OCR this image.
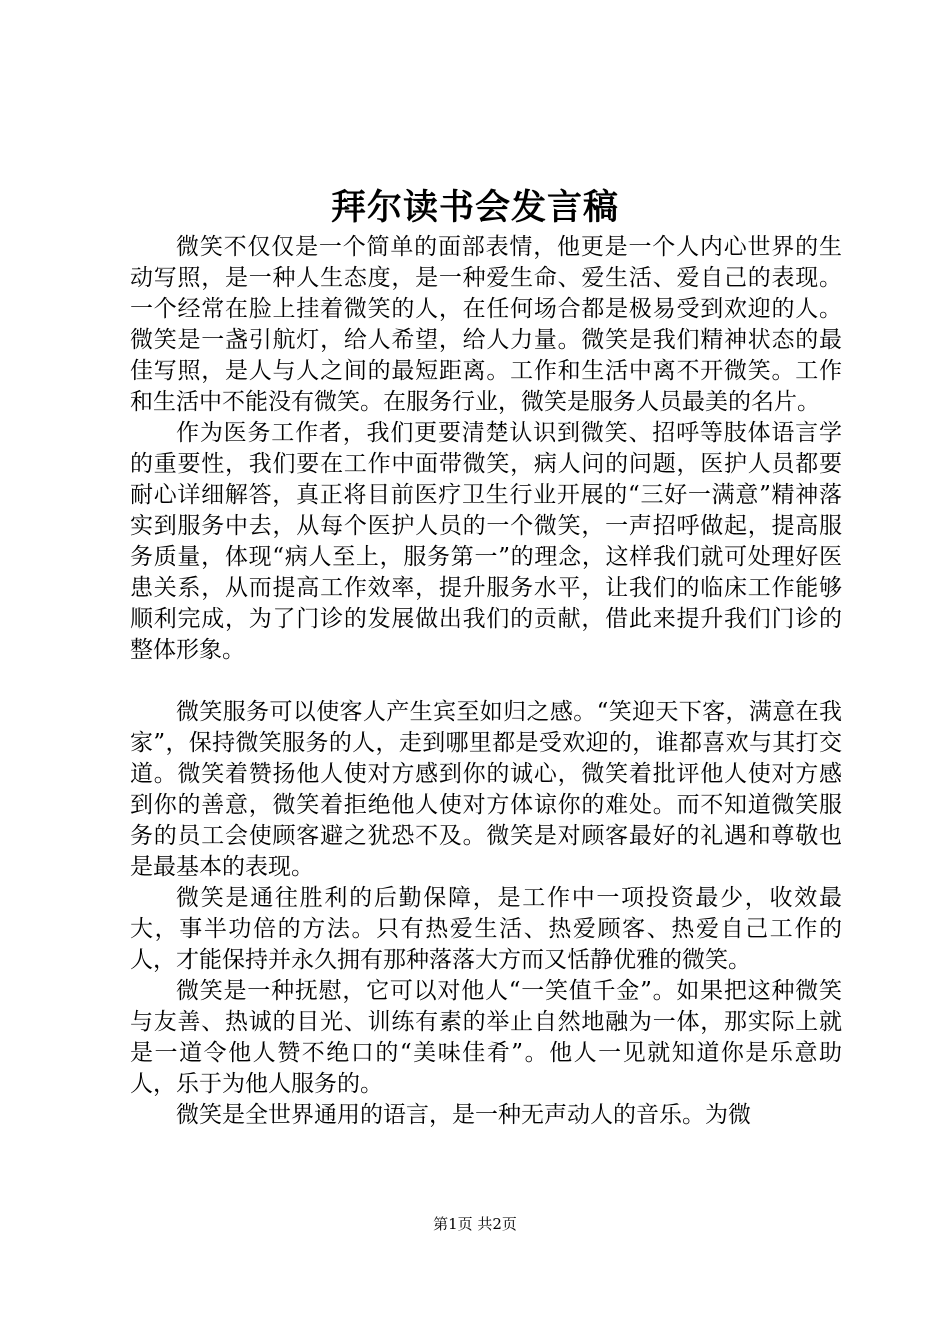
拜尔读书会发言稿

微笑不仅仅是一个简单的面部表情，他更是一个人内心世界的生动写照，是一种人生态度，是一种爱生命、爱生活、爱自己的表现。一个经常在脸上挂着微笑的人，在任何场合都是极易受到欢迎的人。微笑是一盏引航灯，给人希望，给人力量。微笑是我们精神状态的最佳写照，是人与人之间的最短距离。工作和生活中离不开微笑。工作和生活中不能没有微笑。在服务行业，微笑是服务人员最美的名片。

作为医务工作者，我们更要清楚认识到微笑、招呼等肢体语言学的重要性，我们要在工作中面带微笑，病人问的问题，医护人员都要耐心详细解答，真正将目前医疗卫生行业开展的“三好一满意”精神落实到服务中去，从每个医护人员的一个微笑，一声招呼做起，提高服务质量，体现“病人至上，服务第一”的理念，这样我们就可处理好医患关系，从而提高工作效率，提升服务水平，让我们的临床工作能够顺利完成，为了门诊的发展做出我们的贡献，借此来提升我们门诊的整体形象。

微笑服务可以使客人产生宾至如归之感。“笑迎天下客，满意在我家”，保持微笑服务的人，走到哪里都是受欢迎的，谁都喜欢与其打交道。微笑着赞扬他人使对方感到你的诚心，微笑着批评他人使对方感到你的善意，微笑着拒绝他人使对方体谅你的难处。而不知道微笑服务的员工会使顾客避之犹恐不及。微笑是对顾客最好的礼遇和尊敬也是最基本的表现。

微笑是通往胜利的后勤保障，是工作中一项投资最少，收效最大，事半功倍的方法。只有热爱生活、热爱顾客、热爱自己工作的人，才能保持并永久拥有那种落落大方而又恬静优雅的微笑。

微笑是一种抚慰，它可以对他人“一笑值千金”。如果把这种微笑与友善、热诚的目光、训练有素的举止自然地融为一体，那实际上就是一道令他人赞不绝口的“美味佳肴”。他人一见就知道你是乐意助人，乐于为他人服务的。

微笑是全世界通用的语言，是一种无声动人的音乐。为微

第1页 共2页
